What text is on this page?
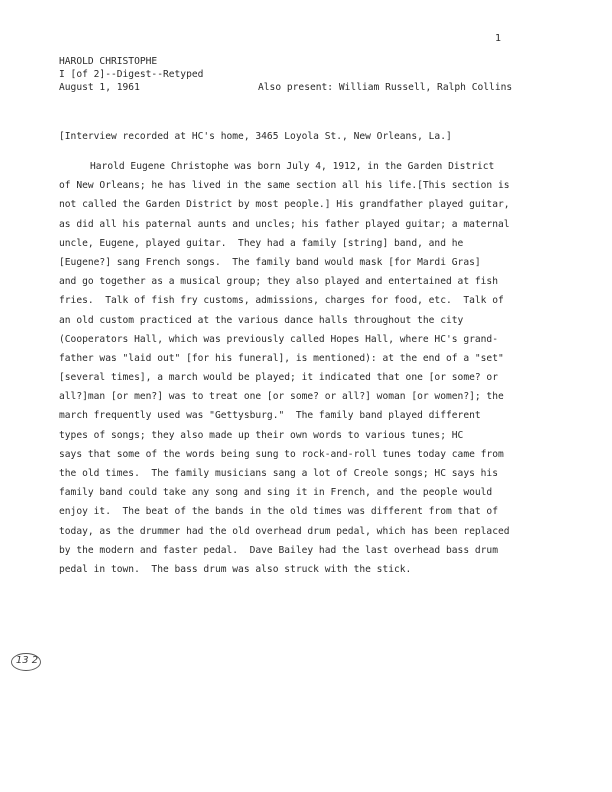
1
HAROLD CHRISTOPHE
I [of 2]--Digest--Retyped
August 1, 1961	Also present: William Russell, Ralph Collins
[Interview recorded at HC's home, 3465 Loyola St., New Orleans, La.]
Harold Eugene Christophe was born July 4, 1912, in the Garden District
of New Orleans; he has lived in the same section all his life.[This section is
not called the Garden District by most people.] His grandfather played guitar,
as did all his paternal aunts and uncles; his father played guitar; a maternal
uncle, Eugene, played guitar.  They had a family [string] band, and he
[Eugene?] sang French songs.  The family band would mask [for Mardi Gras]
and go together as a musical group; they also played and entertained at fish
fries.  Talk of fish fry customs, admissions, charges for food, etc.  Talk of
an old custom practiced at the various dance halls throughout the city
(Cooperators Hall, which was previously called Hopes Hall, where HC's grand-
father was "laid out" [for his funeral], is mentioned): at the end of a "set"
[several times], a march would be played; it indicated that one [or some? or
all?]man [or men?] was to treat one [or some? or all?] woman [or women?]; the
march frequently used was "Gettysburg."  The family band played different
types of songs; they also made up their own words to various tunes; HC
says that some of the words being sung to rock-and-roll tunes today came from
the old times.  The family musicians sang a lot of Creole songs; HC says his
family band could take any song and sing it in French, and the people would
enjoy it.  The beat of the bands in the old times was different from that of
today, as the drummer had the old overhead drum pedal, which has been replaced
by the modern and faster pedal.  Dave Bailey had the last overhead bass drum
pedal in town.  The bass drum was also struck with the stick.
13 2
